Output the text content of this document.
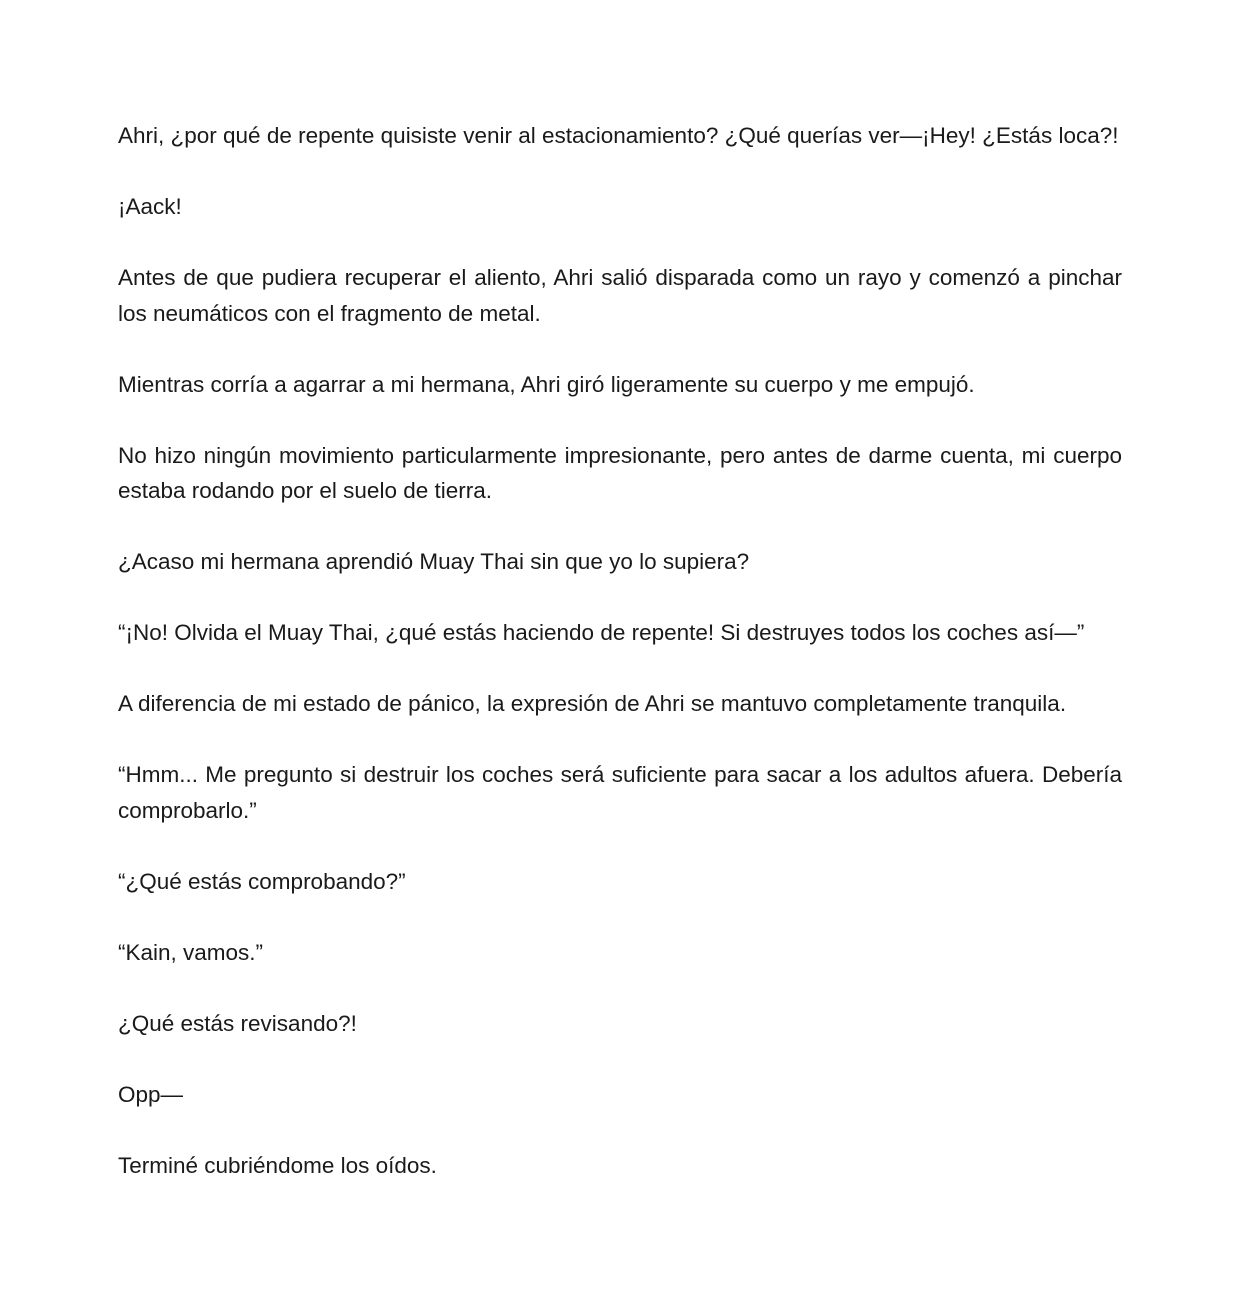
Ahri, ¿por qué de repente quisiste venir al estacionamiento? ¿Qué querías ver—¡Hey! ¿Estás loca?!

¡Aack!

Antes de que pudiera recuperar el aliento, Ahri salió disparada como un rayo y comenzó a pinchar los neumáticos con el fragmento de metal.

Mientras corría a agarrar a mi hermana, Ahri giró ligeramente su cuerpo y me empujó.

No hizo ningún movimiento particularmente impresionante, pero antes de darme cuenta, mi cuerpo estaba rodando por el suelo de tierra.

¿Acaso mi hermana aprendió Muay Thai sin que yo lo supiera?

“¡No! Olvida el Muay Thai, ¿qué estás haciendo de repente! Si destruyes todos los coches así—”

A diferencia de mi estado de pánico, la expresión de Ahri se mantuvo completamente tranquila.

“Hmm... Me pregunto si destruir los coches será suficiente para sacar a los adultos afuera. Debería comprobarlo.”

“¿Qué estás comprobando?”

“Kain, vamos.”

¿Qué estás revisando?!

Opp—

Terminé cubriéndome los oídos.
